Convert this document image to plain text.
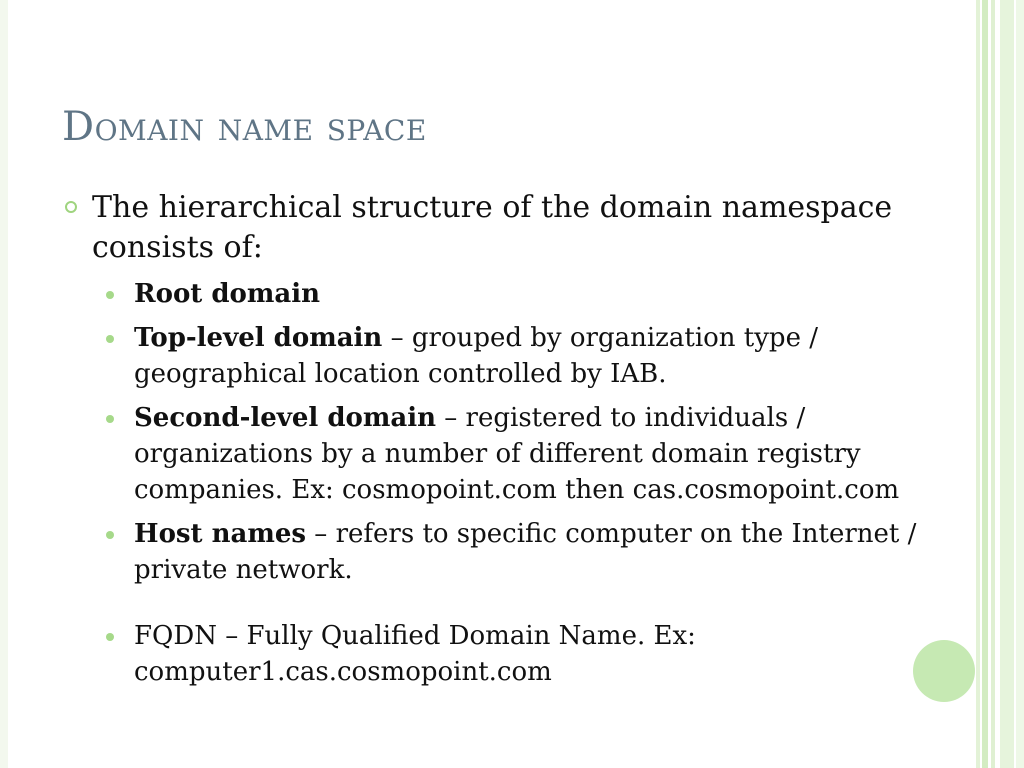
Domain name space
The hierarchical structure of the domain namespace consists of:
Root domain
Top-level domain – grouped by organization type / geographical location controlled by IAB.
Second-level domain – registered to individuals / organizations by a number of different domain registry companies. Ex: cosmopoint.com then cas.cosmopoint.com
Host names – refers to specific computer on the Internet / private network.
FQDN – Fully Qualified Domain Name. Ex: computer1.cas.cosmopoint.com
